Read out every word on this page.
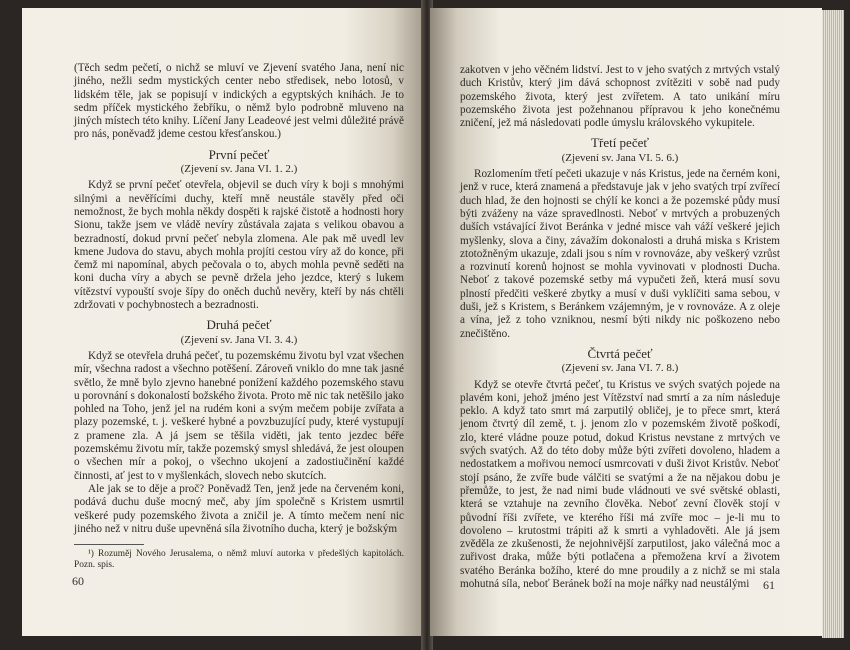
(Těch sedm pečetí, o nichž se mluví ve Zjevení svatého Jana, není nic jiného, nežli sedm mystických center nebo středisek, nebo lotosů, v lidském těle, jak se popisují v indických a egyptských knihách. Je to sedm příček mystického žebříku, o němž bylo podrobně mluveno na jiných místech této knihy. Líčení Jany Leadeové jest velmi důležité právě pro nás, poněvadž jdeme cestou křesťanskou.)

První pečeť
(Zjevení sv. Jana VI. 1. 2.)

Když se první pečeť otevřela, objevil se duch víry k boji s mnohými silnými a nevěřícími duchy, kteří mně neustále stavěly před oči nemožnost, že bych mohla někdy dospěti k rajské čistotě a hodnosti hory Sionu, takže jsem ve vládě nevíry zůstávala zajata s velikou obavou a bezradností, dokud první pečeť nebyla zlomena. Ale pak mě uvedl lev kmene Judova do stavu, abych mohla projíti cestou víry až do konce, při čemž mi napomínal, abych pečovala o to, abych mohla pevně seděti na koni ducha víry a abych se pevně držela jeho jezdce, který s lukem vítězství vypouští svoje šípy do oněch duchů nevěry, kteří by nás chtěli zdržovati v pochybnostech a bezradnosti.

Druhá pečeť
(Zjevení sv. Jana VI. 3. 4.)

Když se otevřela druhá pečeť, tu pozemskému životu byl vzat všechen mír, všechna radost a všechno potěšení. Zároveň vniklo do mne tak jasné světlo, že mně bylo zjevno hanebné ponížení každého pozemského stavu u porovnání s dokonalostí božského života. Proto mě nic tak netěšilo jako pohled na Toho, jenž jel na rudém koni a svým mečem pobije zvířata a plazy pozemské, t. j. veškeré hybné a povzbuzující pudy, které vystupují z pramene zla. A já jsem se těšila viděti, jak tento jezdec béře pozemskému životu mír, takže pozemský smysl shledává, že jest oloupen o všechen mír a pokoj, o všechno ukojení a zadostiučinění každé činnosti, ať jest to v myšlenkách, slovech nebo skutcích.

Ale jak se to děje a proč? Poněvadž Ten, jenž jede na červeném koni, podává duchu duše mocný meč, aby jím společně s Kristem usmrtil veškeré pudy pozemského života a zničil je. A tímto mečem není nic jiného než v nitru duše upevněná síla životního ducha, který je božským

¹) Rozuměj Nového Jerusalema, o němž mluví autorka v předešlých kapitolách. Pozn. spis.

60

zakotven v jeho věčném lidství. Jest to v jeho svatých z mrtvých vstalý duch Kristův, který jim dává schopnost zvítěziti v sobě nad pudy pozemského života, který jest zvířetem. A tato unikání míru pozemského života jest požehnanou přípravou k jeho konečnému zničení, jež má následovati podle úmyslu královského vykupitele.

Třetí pečeť
(Zjevení sv. Jana VI. 5. 6.)

Rozlomením třetí pečeti ukazuje v nás Kristus, jede na černém koni, jenž v ruce, která znamená a představuje jak v jeho svatých trpí zvířecí duch hlad, že den hojnosti se chýlí ke konci a že pozemské půdy musí býti zváženy na váze spravedlnosti. Neboť v mrtvých a probuzených duších vstávající život Beránka v jedné misce vah váží veškeré jejich myšlenky, slova a činy, závažím dokonalosti a druhá miska s Kristem ztotožněným ukazuje, zdali jsou s ním v rovnováze, aby veškerý vzrůst a rozvinutí korenů hojnost se mohla vyvinovati v plodnosti Ducha. Neboť z takové pozemské setby má vypučeti žeň, která musí sovu plností předčiti veškeré zbytky a musí v duši vyklíčiti sama sebou, v duši, jež s Kristem, s Beránkem vzájemným, je v rovnováze. A z oleje a vína, jež z toho vzniknou, nesmí býti nikdy nic poškozeno nebo znečištěno.

Čtvrtá pečeť
(Zjevení sv. Jana VI. 7. 8.)

Když se otevře čtvrtá pečeť, tu Kristus ve svých svatých pojede na plavém koni, jehož jméno jest Vítězství nad smrtí a za ním následuje peklo. A když tato smrt má zarputilý obličej, je to přece smrt, která jenom čtvrtý díl země, t. j. jenom zlo v pozemském životě poškodí, zlo, které vládne pouze potud, dokud Kristus nevstane z mrtvých ve svých svatých. Až do této doby může býti zvířeti dovoleno, hladem a nedostatkem a mořivou nemocí usmrcovati v duši život Kristův. Neboť stojí psáno, že zvíře bude válčiti se svatými a že na nějakou dobu je přemůže, to jest, že nad nimi bude vládnouti ve své světské oblasti, která se vztahuje na zevního člověka. Neboť zevní člověk stojí v původní říši zvířete, ve kterého říši má zvíře moc – je-li mu to dovoleno – krutostmi trápiti až k smrti a vyhladověti. Ale já jsem zvěděla ze zkušenosti, že nejohnivější zarputilost, jako válečná moc a zuřivost draka, může býti potlačena a přemožena krví a životem svatého Beránka božího, které do mne proudily a z nichž se mi stala mohutná síla, neboť Beránek boží na moje nářky nad neustálými	61
